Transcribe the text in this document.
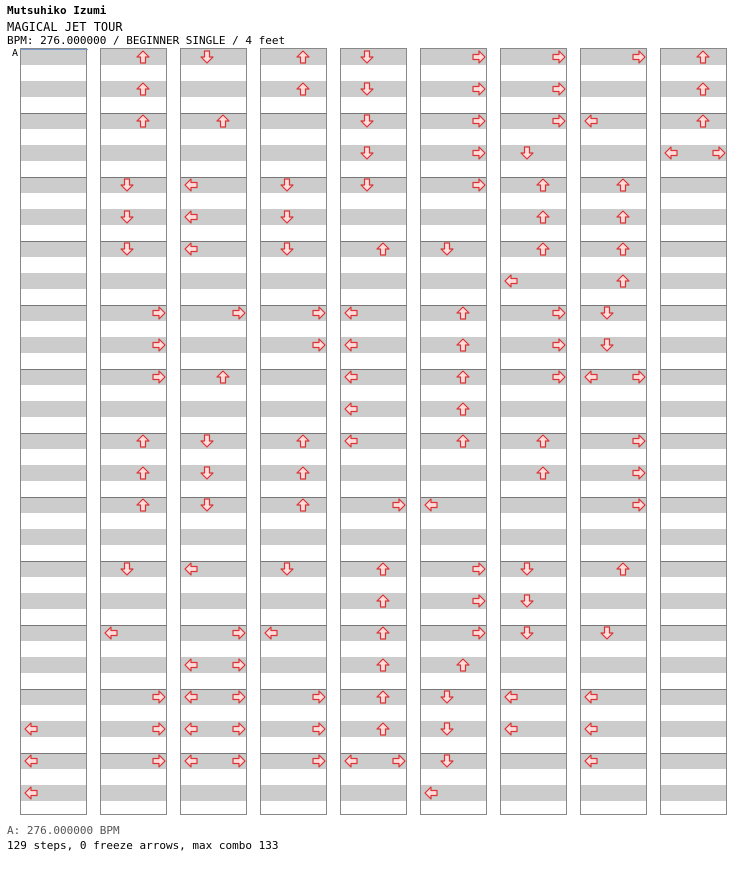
Mutsuhiko Izumi
MAGICAL JET TOUR
BPM: 276.000000 / BEGINNER SINGLE / 4 feet
A
A: 276.000000 BPM
129 steps, 0 freeze arrows, max combo 133
